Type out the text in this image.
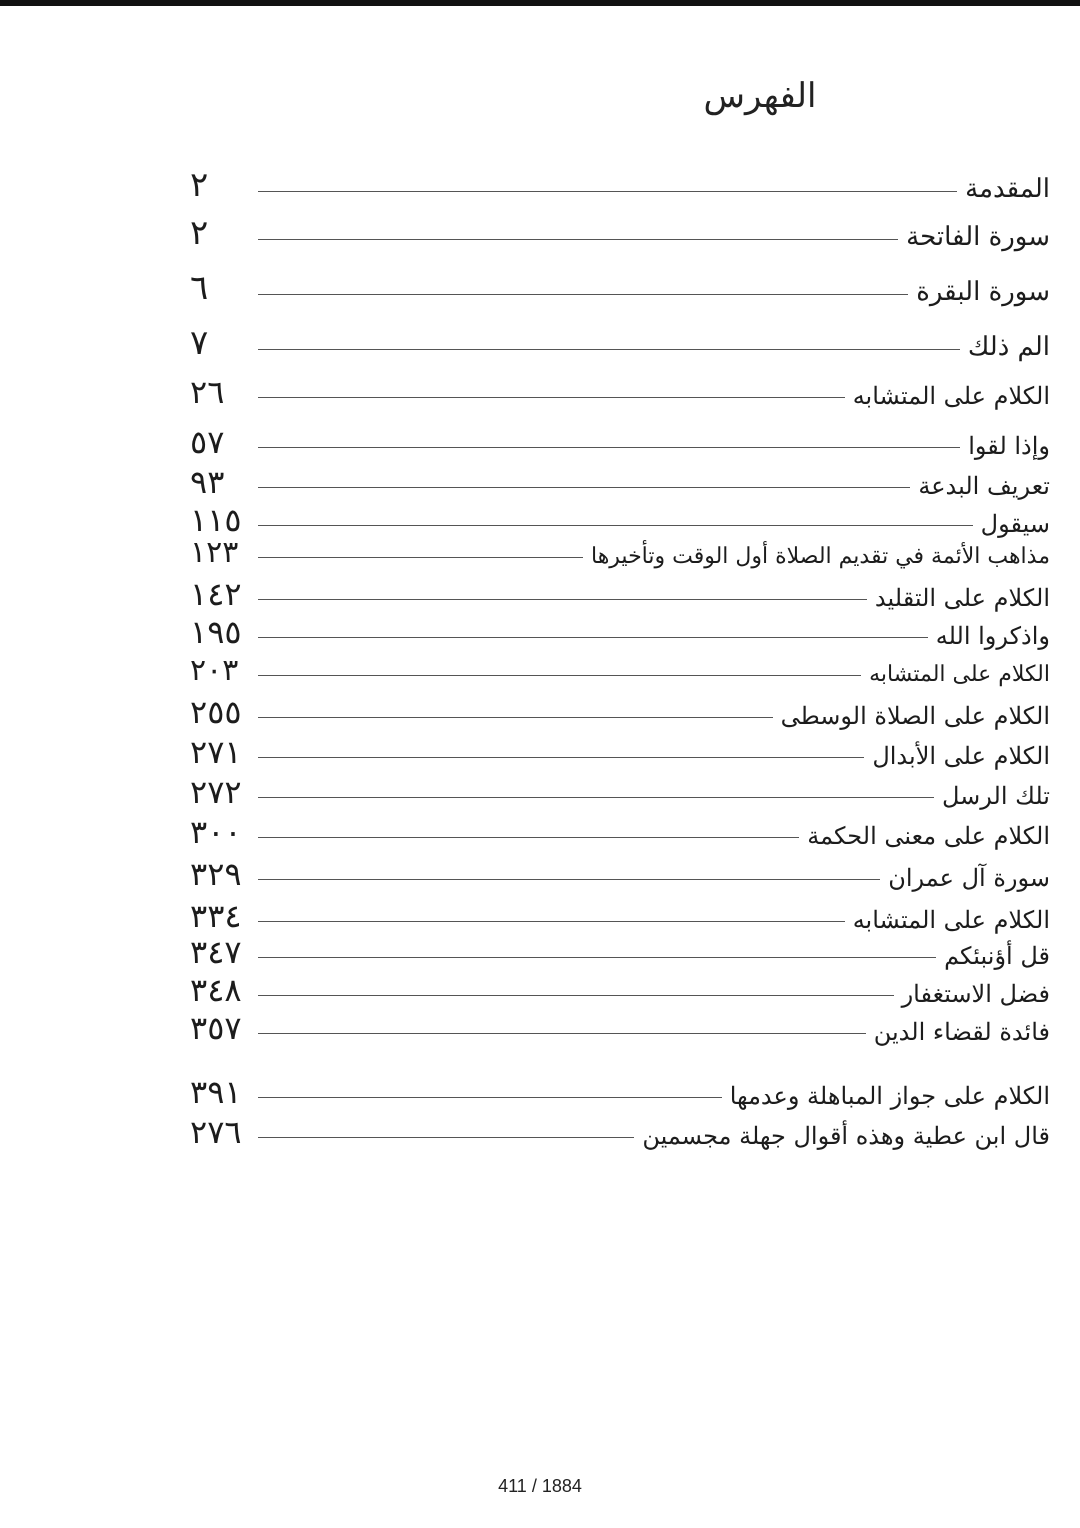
الفهرس
٢	المقدمة
٢	سورة الفاتحة
٦	سورة البقرة
٧	الم ذلك
٢٦	الكلام على المتشابه
٥٧	وإذا لقوا
٩٣	تعريف البدعة
١١٥	سيقول
١٢٣	مذاهب الأئمة في تقديم الصلاة أول الوقت وتأخيرها
١٤٢	الكلام على التقليد
١٩٥	واذكروا الله
٢٠٣	الكلام على المتشابه
٢٥٥	الكلام على الصلاة الوسطى
٢٧١	الكلام على الأبدال
٢٧٢	تلك الرسل
٣٠٠	الكلام على معنى الحكمة
٣٢٩	سورة آل عمران
٣٣٤	الكلام على المتشابه
٣٤٧	قل أؤنبئكم
٣٤٨	فضل الاستغفار
٣٥٧	فائدة لقضاء الدين
٣٩١	الكلام على جواز المباهلة وعدمها
٢٧٦	قال ابن عطية وهذه أقوال جهلة مجسمين
411 / 1884
